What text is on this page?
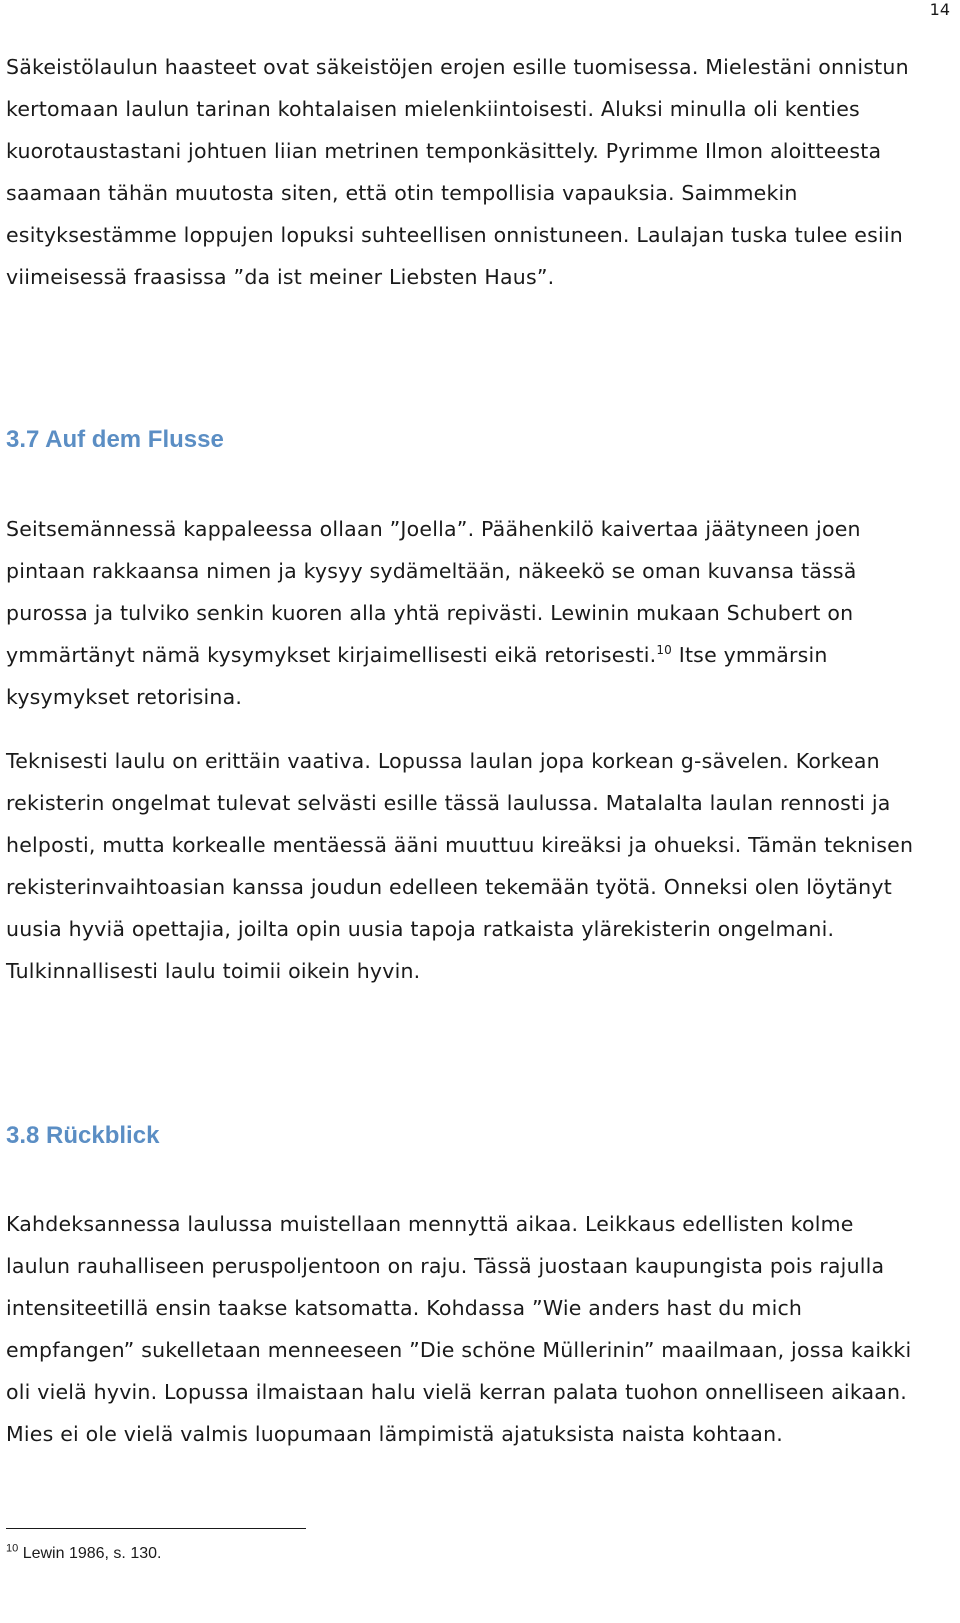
14

Säkeistölaulun haasteet ovat säkeistöjen erojen esille tuomisessa. Mielestäni onnistun kertomaan laulun tarinan kohtalaisen mielenkiintoisesti. Aluksi minulla oli kenties kuorotaustastani johtuen liian metrinen temponkäsittely. Pyrimme Ilmon aloitteesta saamaan tähän muutosta siten, että otin tempollisia vapauksia. Saimmekin esityksestämme loppujen lopuksi suhteellisen onnistuneen. Laulajan tuska tulee esiin viimeisessä fraasissa ”da ist meiner Liebsten Haus”.

3.7 Auf dem Flusse

Seitsemännessä kappaleessa ollaan ”Joella”. Päähenkilö kaivertaa jäätyneen joen pintaan rakkaansa nimen ja kysyy sydämeltään, näkeekö se oman kuvansa tässä purossa ja tulviko senkin kuoren alla yhtä repivästi. Lewinin mukaan Schubert on ymmärtänyt nämä kysymykset kirjaimellisesti eikä retorisesti.$^{10}$ Itse ymmärsin kysymykset retorisina.

Teknisesti laulu on erittäin vaativa. Lopussa laulan jopa korkean g-sävelen. Korkean rekisterin ongelmat tulevat selvästi esille tässä laulussa. Matalalta laulan rennosti ja helposti, mutta korkealle mentäessä ääni muuttuu kireäksi ja ohueksi. Tämän teknisen rekisterinvaihtoasian kanssa joudun edelleen tekemään työtä. Onneksi olen löytänyt uusia hyviä opettajia, joilta opin uusia tapoja ratkaista ylärekisterin ongelmani. Tulkinnallisesti laulu toimii oikein hyvin.

3.8 Rückblick

Kahdeksannessa laulussa muistellaan mennyttä aikaa. Leikkaus edellisten kolme laulun rauhalliseen peruspoljentoon on raju. Tässä juostaan kaupungista pois rajulla intensiteetillä ensin taakse katsomatta. Kohdassa ”Wie anders hast du mich empfangen” sukelletaan menneeseen ”Die schöne Müllerinin” maailmaan, jossa kaikki oli vielä hyvin. Lopussa ilmaistaan halu vielä kerran palata tuohon onnelliseen aikaan. Mies ei ole vielä valmis luopumaan lämpimistä ajatuksista naista kohtaan.

$^{10}$ Lewin 1986, s. 130.
